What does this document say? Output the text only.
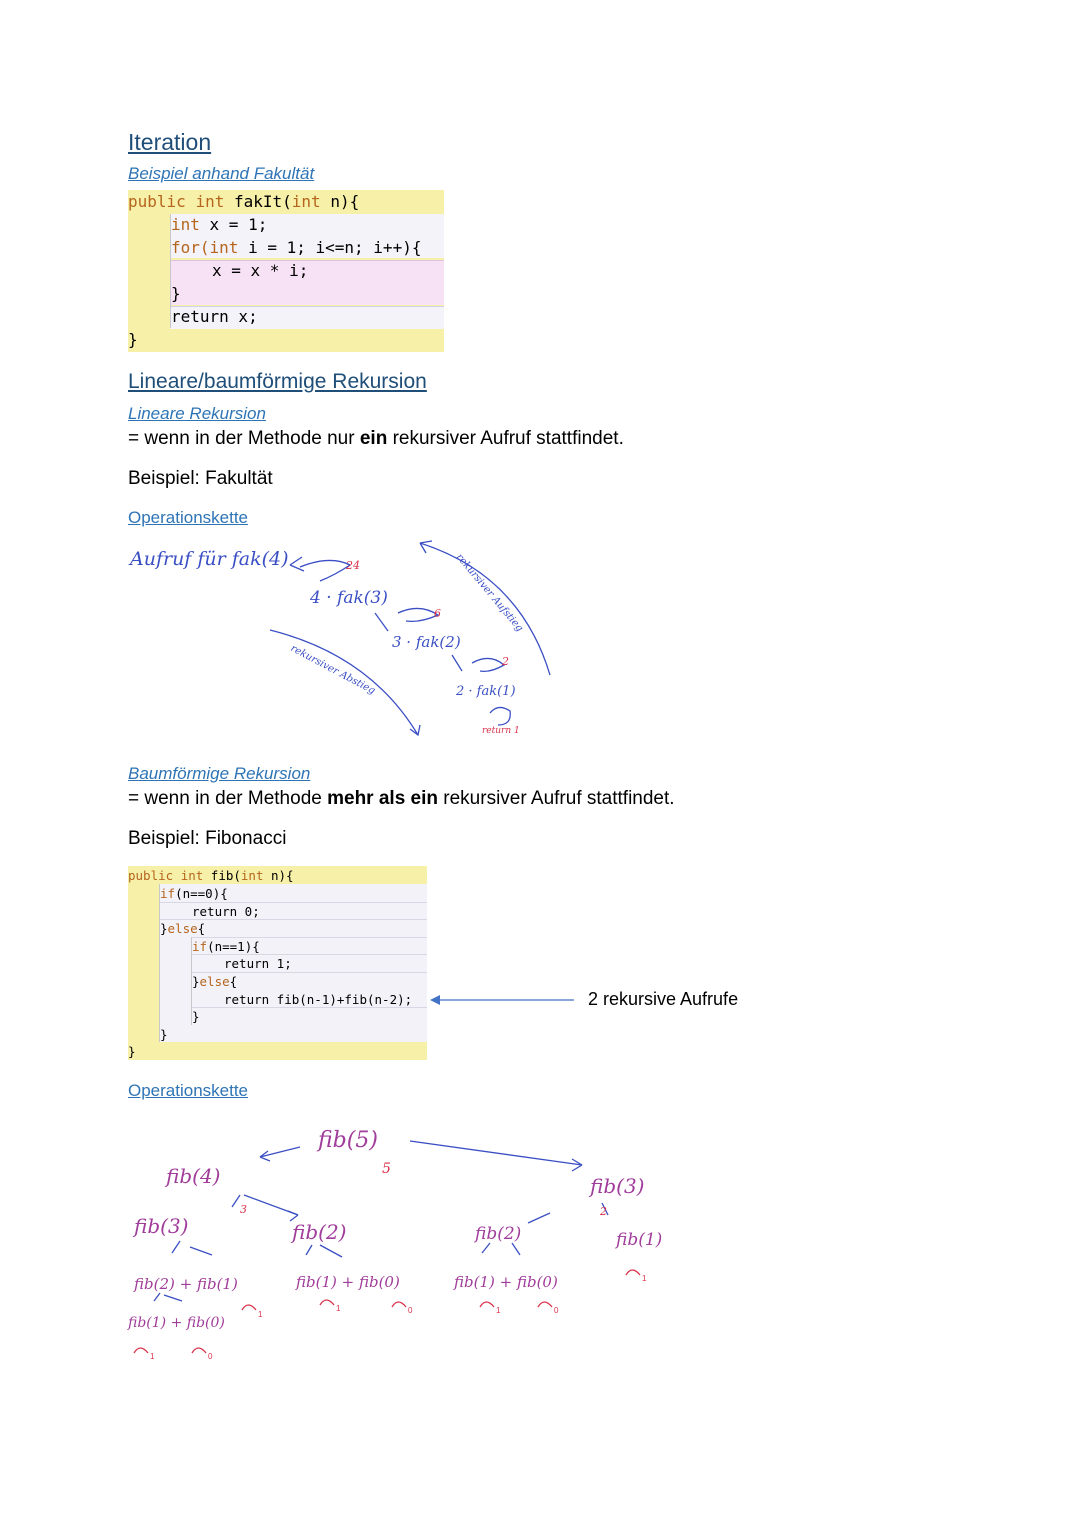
Iteration
Beispiel anhand Fakultät
public int fakIt(int n){
int x = 1;
for(int i = 1; i<=n; i++){
x = x * i;
}
return x;
}
Lineare/baumförmige Rekursion
Lineare Rekursion
= wenn in der Methode nur ein rekursiver Aufruf stattfindet.
Beispiel: Fakultät
Operationskette
Aufruf für fak(4)
4 · fak(3)
3 · fak(2)
2 · fak(1)
24
6
2
return 1
rekursiver Abstieg
rekursiver Aufstieg
Baumförmige Rekursion
= wenn in der Methode mehr als ein rekursiver Aufruf stattfindet.
Beispiel: Fibonacci
public int fib(int n){
if(n==0){
return 0;
}else{
if(n==1){
return 1;
}else{
return fib(n-1)+fib(n-2);
}
}
}
2 rekursive Aufrufe
Operationskette
fib(5)
5
fib(4)
fib(3)
fib(3)
fib(2)	fib(2)	fib(1)
fib(2) + fib(1)	fib(1) + fib(0)	fib(1) + fib(0)
fib(1) + fib(0)
3	2
1
1	0
1	0	1	0
1
